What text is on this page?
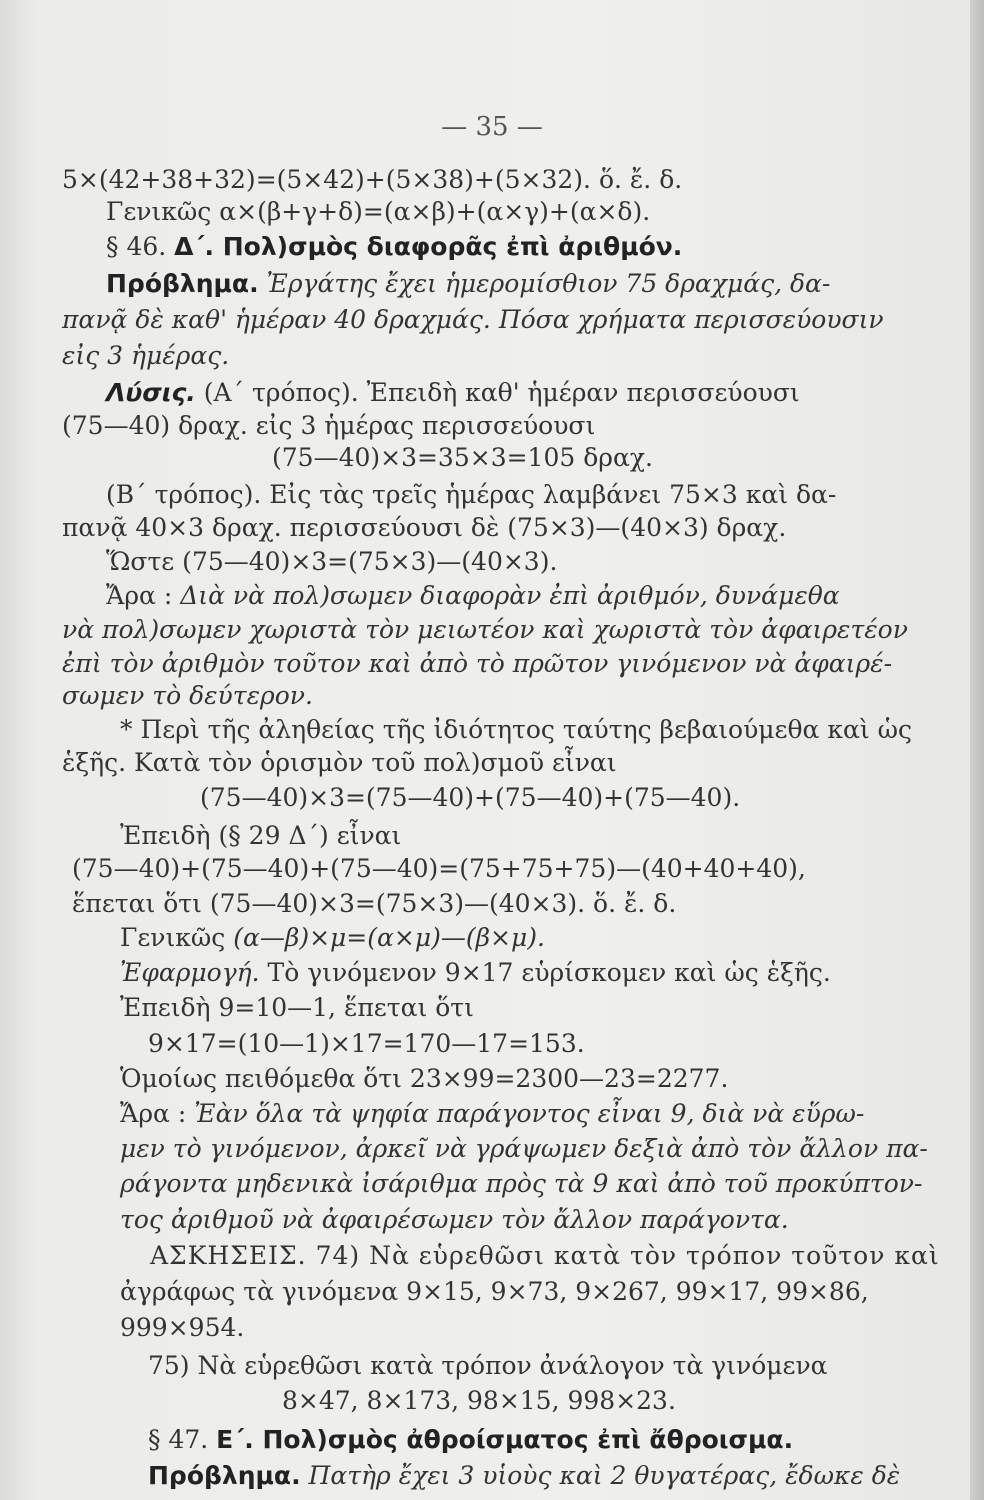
— 35 —
5×(42+38+32)=(5×42)+(5×38)+(5×32). ὅ. ἔ. δ.
Γενικῶς α×(β+γ+δ)=(α×β)+(α×γ)+(α×δ).
§ 46. Δ΄. Πολ)σμὸς διαφορᾶς ἐπὶ ἀριθμόν.
Πρόβλημα. Ἐργάτης ἔχει ἡμερομίσθιον 75 δραχμάς, δα-
πανᾷ δὲ καθ' ἡμέραν 40 δραχμάς. Πόσα χρήματα περισσεύουσιν
εἰς 3 ἡμέρας.
Λύσις. (Α΄ τρόπος). Ἐπειδὴ καθ' ἡμέραν περισσεύουσι
(75—40) δραχ. εἰς 3 ἡμέρας περισσεύουσι
(75—40)×3=35×3=105 δραχ.
(Β΄ τρόπος). Εἰς τὰς τρεῖς ἡμέρας λαμβάνει 75×3 καὶ δα-
πανᾷ 40×3 δραχ. περισσεύουσι δὲ (75×3)—(40×3) δραχ.
Ὥστε (75—40)×3=(75×3)—(40×3).
Ἄρα : Διὰ νὰ πολ)σωμεν διαφορὰν ἐπὶ ἀριθμόν, δυνάμεθα
νὰ πολ)σωμεν χωριστὰ τὸν μειωτέον καὶ χωριστὰ τὸν ἀφαιρετέον
ἐπὶ τὸν ἀριθμὸν τοῦτον καὶ ἀπὸ τὸ πρῶτον γινόμενον νὰ ἀφαιρέ-
σωμεν τὸ δεύτερον.
* Περὶ τῆς ἀληθείας τῆς ἰδιότητος ταύτης βεβαιούμεθα καὶ ὡς
ἑξῆς. Κατὰ τὸν ὁρισμὸν τοῦ πολ)σμοῦ εἶναι
(75—40)×3=(75—40)+(75—40)+(75—40).
Ἐπειδὴ (§ 29 Δ΄) εἶναι
(75—40)+(75—40)+(75—40)=(75+75+75)—(40+40+40),
ἕπεται ὅτι (75—40)×3=(75×3)—(40×3). ὅ. ἔ. δ.
Γενικῶς (α—β)×μ=(α×μ)—(β×μ).
Ἐφαρμογή. Τὸ γινόμενον 9×17 εὑρίσκομεν καὶ ὡς ἑξῆς.
Ἐπειδὴ 9=10—1, ἕπεται ὅτι
9×17=(10—1)×17=170—17=153.
Ὁμοίως πειθόμεθα ὅτι 23×99=2300—23=2277.
Ἄρα : Ἐὰν ὅλα τὰ ψηφία παράγοντος εἶναι 9, διὰ νὰ εὕρω-
μεν τὸ γινόμενον, ἀρκεῖ νὰ γράψωμεν δεξιὰ ἀπὸ τὸν ἄλλον πα-
ράγοντα μηδενικὰ ἰσάριθμα πρὸς τὰ 9 καὶ ἀπὸ τοῦ προκύπτον-
τος ἀριθμοῦ νὰ ἀφαιρέσωμεν τὸν ἄλλον παράγοντα.
ΑΣΚΗΣΕΙΣ. 74) Νὰ εὑρεθῶσι κατὰ τὸν τρόπον τοῦτον καὶ
ἀγράφως τὰ γινόμενα 9×15, 9×73, 9×267, 99×17, 99×86,
999×954.
75) Νὰ εὑρεθῶσι κατὰ τρόπον ἀνάλογον τὰ γινόμενα
8×47, 8×173, 98×15, 998×23.
§ 47. Ε΄. Πολ)σμὸς ἀθροίσματος ἐπὶ ἄθροισμα.
Πρόβλημα. Πατὴρ ἔχει 3 υἱοὺς καὶ 2 θυγατέρας, ἔδωκε δὲ
